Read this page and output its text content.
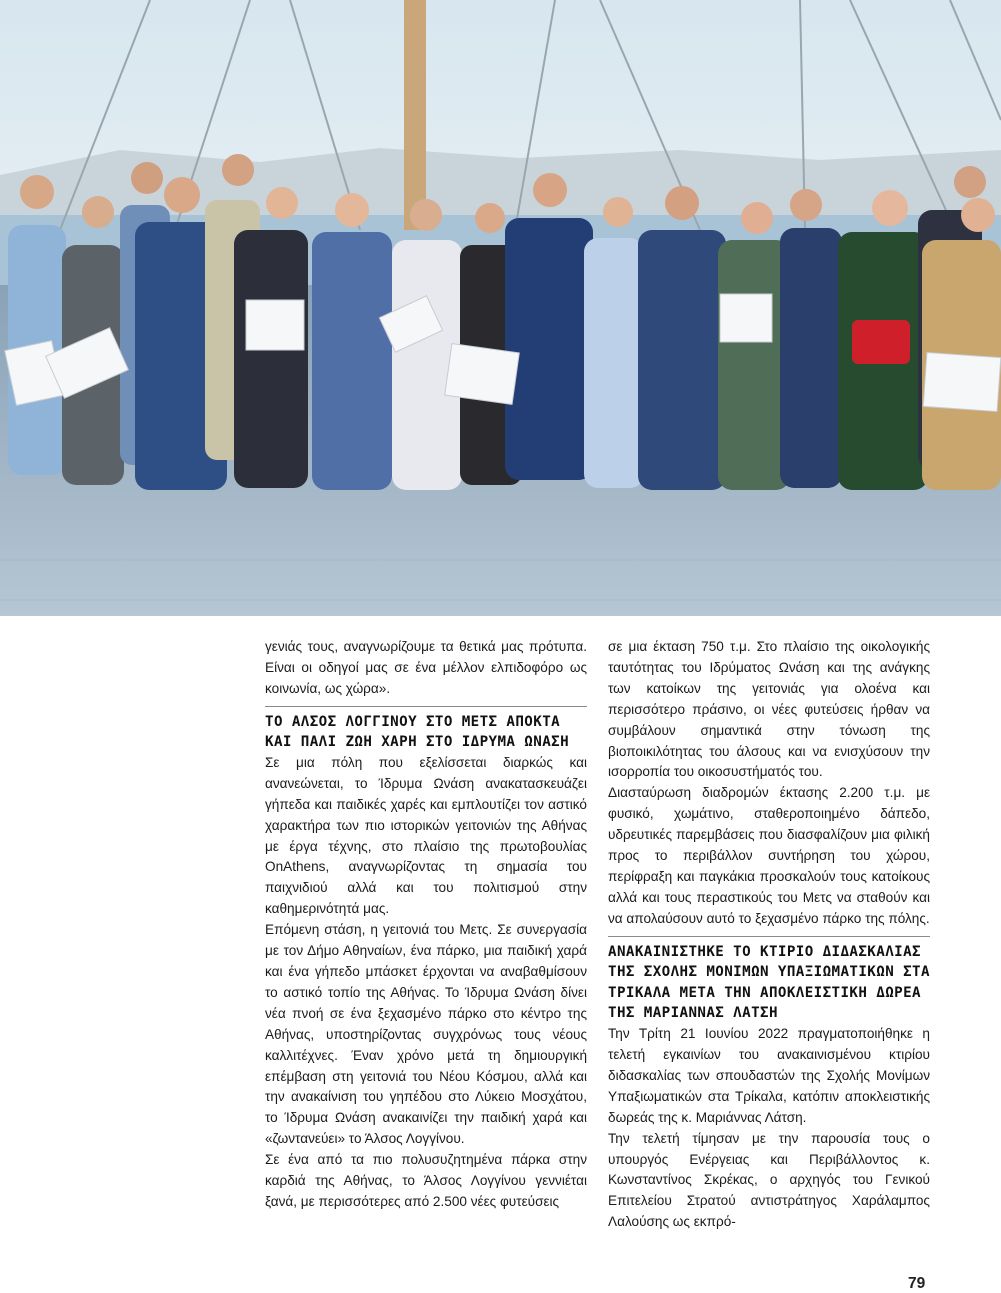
γενιάς τους, αναγνωρίζουμε τα θετικά μας πρότυπα. Είναι οι οδηγοί μας σε ένα μέλλον ελπιδοφόρο ως κοινωνία, ως χώρα».

ΤΟ ΑΛΣΟΣ ΛΟΓΓΙΝΟΥ ΣΤΟ ΜΕΤΣ ΑΠΟΚΤΑ ΚΑΙ ΠΑΛΙ ΖΩΗ ΧΑΡΗ ΣΤΟ ΙΔΡΥΜΑ ΩΝΑΣΗ

Σε μια πόλη που εξελίσσεται διαρκώς και ανανεώνεται, το Ίδρυμα Ωνάση ανακατασκευάζει γήπεδα και παιδικές χαρές και εμπλουτίζει τον αστικό χαρακτήρα των πιο ιστορικών γειτονιών της Αθήνας με έργα τέχνης, στο πλαίσιο της πρωτοβουλίας OnAthens, αναγνωρίζοντας τη σημασία του παιχνιδιού αλλά και του πολιτισμού στην καθημερινότητά μας.

Επόμενη στάση, η γειτονιά του Μετς. Σε συνεργασία με τον Δήμο Αθηναίων, ένα πάρκο, μια παιδική χαρά και ένα γήπεδο μπάσκετ έρχονται να αναβαθμίσουν το αστικό τοπίο της Αθήνας. Το Ίδρυμα Ωνάση δίνει νέα πνοή σε ένα ξεχασμένο πάρκο στο κέντρο της Αθήνας, υποστηρίζοντας συγχρόνως τους νέους καλλιτέχνες. Έναν χρόνο μετά τη δημιουργική επέμβαση στη γειτονιά του Νέου Κόσμου, αλλά και την ανακαίνιση του γηπέδου στο Λύκειο Μοσχάτου, το Ίδρυμα Ωνάση ανακαινίζει την παιδική χαρά και «ζωντανεύει» το Άλσος Λογγίνου.

Σε ένα από τα πιο πολυσυζητημένα πάρκα στην καρδιά της Αθήνας, το Άλσος Λογγίνου γεννιέται ξανά, με περισσότερες από 2.500 νέες φυτεύσεις

σε μια έκταση 750 τ.μ. Στο πλαίσιο της οικολογικής ταυτότητας του Ιδρύματος Ωνάση και της ανάγκης των κατοίκων της γειτονιάς για ολοένα και περισσότερο πράσινο, οι νέες φυτεύσεις ήρθαν να συμβάλουν σημαντικά στην τόνωση της βιοποικιλότητας του άλσους και να ενισχύσουν την ισορροπία του οικοσυστήματός του.

Διασταύρωση διαδρομών έκτασης 2.200 τ.μ. με φυσικό, χωμάτινο, σταθεροποιημένο δάπεδο, υδρευτικές παρεμβάσεις που διασφαλίζουν μια φιλική προς το περιβάλλον συντήρηση του χώρου, περίφραξη και παγκάκια προσκαλούν τους κατοίκους αλλά και τους περαστικούς του Μετς να σταθούν και να απολαύσουν αυτό το ξεχασμένο πάρκο της πόλης.

ΑΝΑΚΑΙΝΙΣΤΗΚΕ ΤΟ ΚΤΙΡΙΟ ΔΙΔΑΣΚΑΛΙΑΣ ΤΗΣ ΣΧΟΛΗΣ ΜΟΝΙΜΩΝ ΥΠΑΞΙΩΜΑΤΙΚΩΝ ΣΤΑ ΤΡΙΚΑΛΑ ΜΕΤΑ ΤΗΝ ΑΠΟΚΛΕΙΣΤΙΚΗ ΔΩΡΕΑ ΤΗΣ ΜΑΡΙΑΝΝΑΣ ΛΑΤΣΗ

Την Τρίτη 21 Ιουνίου 2022 πραγματοποιήθηκε η τελετή εγκαινίων του ανακαινισμένου κτιρίου διδασκαλίας των σπουδαστών της Σχολής Μονίμων Υπαξιωματικών στα Τρίκαλα, κατόπιν αποκλειστικής δωρεάς της κ. Μαριάννας Λάτση.

Την τελετή τίμησαν με την παρουσία τους ο υπουργός Ενέργειας και Περιβάλλοντος κ. Κωνσταντίνος Σκρέκας, ο αρχηγός του Γενικού Επιτελείου Στρατού αντιστράτηγος Χαράλαμπος Λαλούσης ως εκπρό-

79
